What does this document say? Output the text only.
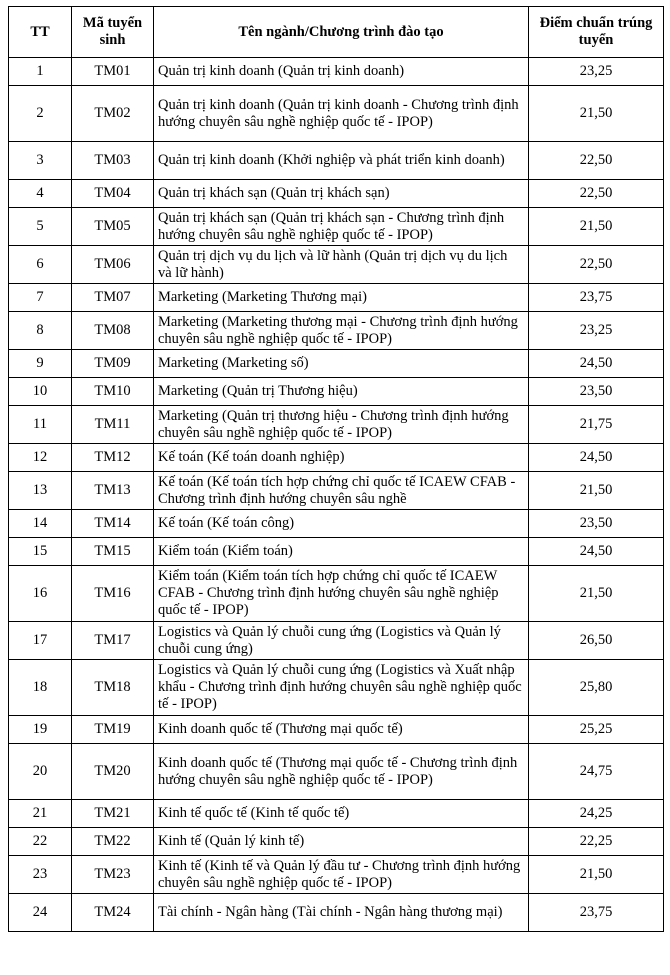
TT	Mã tuyển sinh	Tên ngành/Chương trình đào tạo	Điểm chuẩn trúng tuyển
1	TM01	Quản trị kinh doanh (Quản trị kinh doanh)	23,25
2	TM02	Quản trị kinh doanh (Quản trị kinh doanh - Chương trình định hướng chuyên sâu nghề nghiệp quốc tế - IPOP)	21,50
3	TM03	Quản trị kinh doanh (Khởi nghiệp và phát triển kinh doanh)	22,50
4	TM04	Quản trị khách sạn (Quản trị khách sạn)	22,50
5	TM05	Quản trị khách sạn (Quản trị khách sạn - Chương trình định hướng chuyên sâu nghề nghiệp quốc tế - IPOP)	21,50
6	TM06	Quản trị dịch vụ du lịch và lữ hành (Quản trị dịch vụ du lịch và lữ hành)	22,50
7	TM07	Marketing (Marketing Thương mại)	23,75
8	TM08	Marketing (Marketing thương mại - Chương trình định hướng chuyên sâu nghề nghiệp quốc tế - IPOP)	23,25
9	TM09	Marketing (Marketing số)	24,50
10	TM10	Marketing (Quản trị Thương hiệu)	23,50
11	TM11	Marketing (Quản trị thương hiệu - Chương trình định hướng chuyên sâu nghề nghiệp quốc tế - IPOP)	21,75
12	TM12	Kế toán (Kế toán doanh nghiệp)	24,50
13	TM13	Kế toán (Kế toán tích hợp chứng chỉ quốc tế ICAEW CFAB - Chương trình định hướng chuyên sâu nghề	21,50
14	TM14	Kế toán (Kế toán công)	23,50
15	TM15	Kiểm toán (Kiểm toán)	24,50
16	TM16	Kiểm toán (Kiểm toán tích hợp chứng chỉ quốc tế ICAEW CFAB - Chương trình định hướng chuyên sâu nghề nghiệp quốc tế - IPOP)	21,50
17	TM17	Logistics và Quản lý chuỗi cung ứng (Logistics và Quản lý chuỗi cung ứng)	26,50
18	TM18	Logistics và Quản lý chuỗi cung ứng (Logistics và Xuất nhập khẩu - Chương trình định hướng chuyên sâu nghề nghiệp quốc tế - IPOP)	25,80
19	TM19	Kinh doanh quốc tế (Thương mại quốc tế)	25,25
20	TM20	Kinh doanh quốc tế (Thương mại quốc tế - Chương trình định hướng chuyên sâu nghề nghiệp quốc tế - IPOP)	24,75
21	TM21	Kinh tế quốc tế (Kinh tế quốc tế)	24,25
22	TM22	Kinh tế (Quản lý kinh tế)	22,25
23	TM23	Kinh tế (Kinh tế và Quản lý đầu tư - Chương trình định hướng chuyên sâu nghề nghiệp quốc tế - IPOP)	21,50
24	TM24	Tài chính - Ngân hàng (Tài chính - Ngân hàng thương mại)	23,75
